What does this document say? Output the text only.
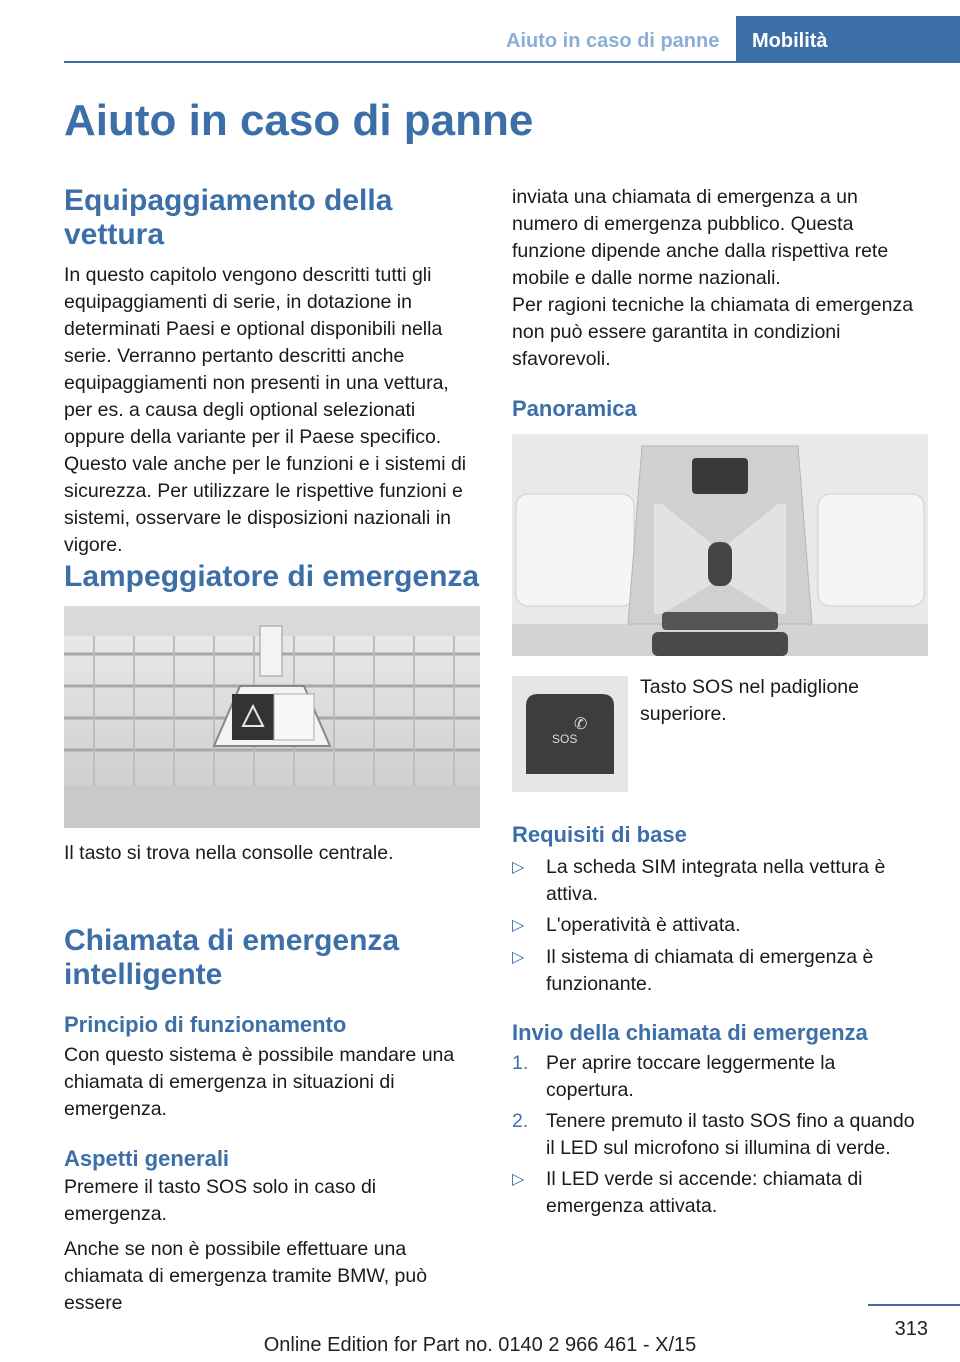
Aiuto in caso di panne Mobilità
Aiuto in caso di panne
Equipaggiamento della vettura

In questo capitolo vengono descritti tutti gli equipaggiamenti di serie, in dotazione in determinati Paesi e optional disponibili nella serie. Verranno pertanto descritti anche equipaggiamenti non presenti in una vettura, per es. a causa degli optional selezionati oppure della variante per il Paese specifico. Questo vale anche per le funzioni e i sistemi di sicurezza. Per utilizzare le rispettive funzioni e sistemi, osservare le disposizioni nazionali in vigore.

Lampeggiatore di emergenza

Il tasto si trova nella consolle centrale.

Chiamata di emergenza intelligente
Principio di funzionamento

Con questo sistema è possibile mandare una chiamata di emergenza in situazioni di emergenza.

Aspetti generali

Premere il tasto SOS solo in caso di emergenza.

Anche se non è possibile effettuare una chiamata di emergenza tramite BMW, può essere

inviata una chiamata di emergenza a un numero di emergenza pubblico. Questa funzione dipende anche dalla rispettiva rete mobile e dalle norme nazionali.

Per ragioni tecniche la chiamata di emergenza non può essere garantita in condizioni sfavorevoli.

Panoramica
✆
SOS

Tasto SOS nel padiglione superiore.

Requisiti di base
▷ La scheda SIM integrata nella vettura è attiva.
▷ L'operatività è attivata.
▷ Il sistema di chiamata di emergenza è funzionante.
Invio della chiamata di emergenza
1. Per aprire toccare leggermente la copertura.
2. Tenere premuto il tasto SOS fino a quando il LED sul microfono si illumina di verde.
▷ Il LED verde si accende: chiamata di emergenza attivata.
313
Online Edition for Part no. 0140 2 966 461 - X/15
